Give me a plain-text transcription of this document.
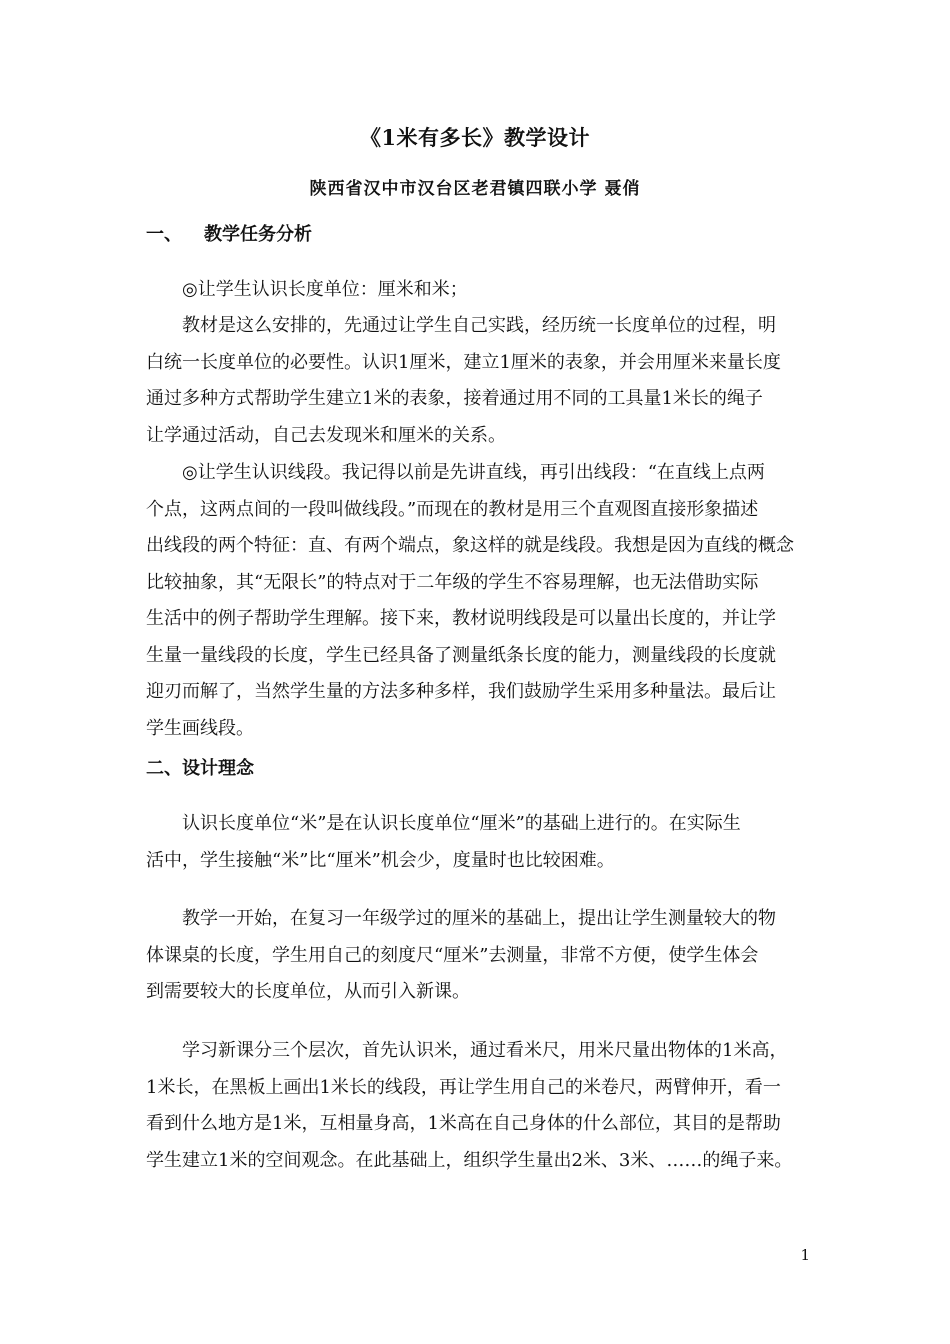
《1米有多长》教学设计
陕西省汉中市汉台区老君镇四联小学 聂俏
一、 教学任务分析
◎让学生认识长度单位：厘米和米；
教材是这么安排的，先通过让学生自己实践，经历统一长度单位的过程，明
白统一长度单位的必要性。认识1厘米，建立1厘米的表象，并会用厘米来量长度
通过多种方式帮助学生建立1米的表象，接着通过用不同的工具量1米长的绳子
让学通过活动，自己去发现米和厘米的关系。
◎让学生认识线段。我记得以前是先讲直线，再引出线段：“在直线上点两
个点，这两点间的一段叫做线段。”而现在的教材是用三个直观图直接形象描述
出线段的两个特征：直、有两个端点，象这样的就是线段。我想是因为直线的概念
比较抽象，其“无限长”的特点对于二年级的学生不容易理解，也无法借助实际
生活中的例子帮助学生理解。接下来，教材说明线段是可以量出长度的，并让学
生量一量线段的长度，学生已经具备了测量纸条长度的能力，测量线段的长度就
迎刃而解了，当然学生量的方法多种多样，我们鼓励学生采用多种量法。最后让
学生画线段。
二、设计理念
认识长度单位“米”是在认识长度单位“厘米”的基础上进行的。在实际生
活中，学生接触“米”比“厘米”机会少，度量时也比较困难。
教学一开始，在复习一年级学过的厘米的基础上，提出让学生测量较大的物
体课桌的长度，学生用自己的刻度尺“厘米”去测量，非常不方便，使学生体会
到需要较大的长度单位，从而引入新课。
学习新课分三个层次，首先认识米，通过看米尺，用米尺量出物体的1米高，
1米长，在黑板上画出1米长的线段，再让学生用自己的米卷尺，两臂伸开，看一
看到什么地方是1米，互相量身高，1米高在自己身体的什么部位，其目的是帮助
学生建立1米的空间观念。在此基础上，组织学生量出2米、3米、……的绳子来。
1
